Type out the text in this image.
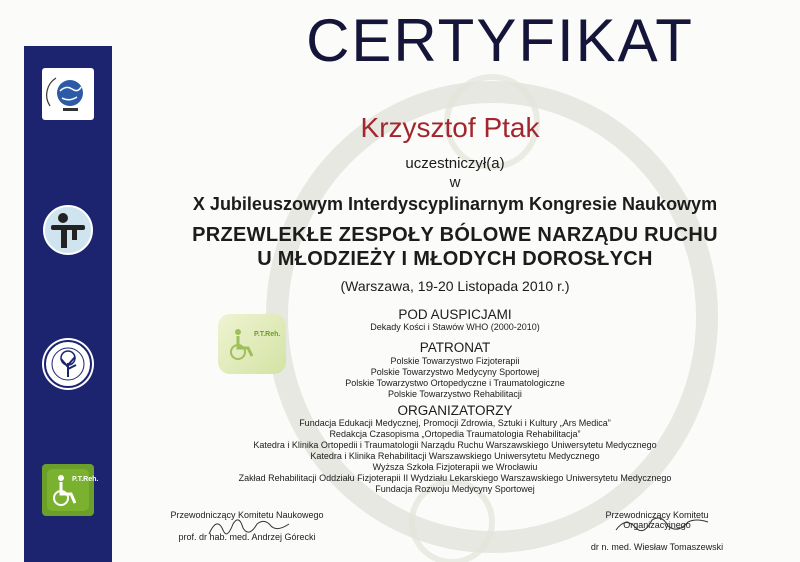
P.T.Reh.
CERTYFIKAT
Krzysztof Ptak
uczestniczył(a)
w
X Jubileuszowym Interdyscyplinarnym Kongresie Naukowym
PRZEWLEKŁE ZESPOŁY BÓLOWE NARZĄDU RUCHU
U MŁODZIEŻY I MŁODYCH DOROSŁYCH
(Warszawa, 19-20 Listopada 2010 r.)
P.T.Reh.
POD AUSPICJAMI
Dekady Kości i Stawów WHO (2000-2010)
PATRONAT
Polskie Towarzystwo Fizjoterapii
Polskie Towarzystwo Medycyny Sportowej
Polskie Towarzystwo Ortopedyczne i Traumatologiczne
Polskie Towarzystwo Rehabilitacji
ORGANIZATORZY
Fundacja Edukacji Medycznej, Promocji Zdrowia, Sztuki i Kultury „Ars Medica”
Redakcja Czasopisma „Ortopedia Traumatologia Rehabilitacja”
Katedra i Klinika Ortopedii i Traumatologii Narządu Ruchu Warszawskiego Uniwersytetu Medycznego
Katedra i Klinika Rehabilitacji Warszawskiego Uniwersytetu Medycznego
Wyższa Szkoła Fizjoterapii we Wrocławiu
Zakład Rehabilitacji Oddziału Fizjoterapii II Wydziału Lekarskiego Warszawskiego Uniwersytetu Medycznego
Fundacja Rozwoju Medycyny Sportowej
Przewodniczący Komitetu Naukowego
prof. dr hab. med. Andrzej Górecki
Przewodniczący Komitetu Organizacyjnego
dr n. med. Wiesław Tomaszewski
